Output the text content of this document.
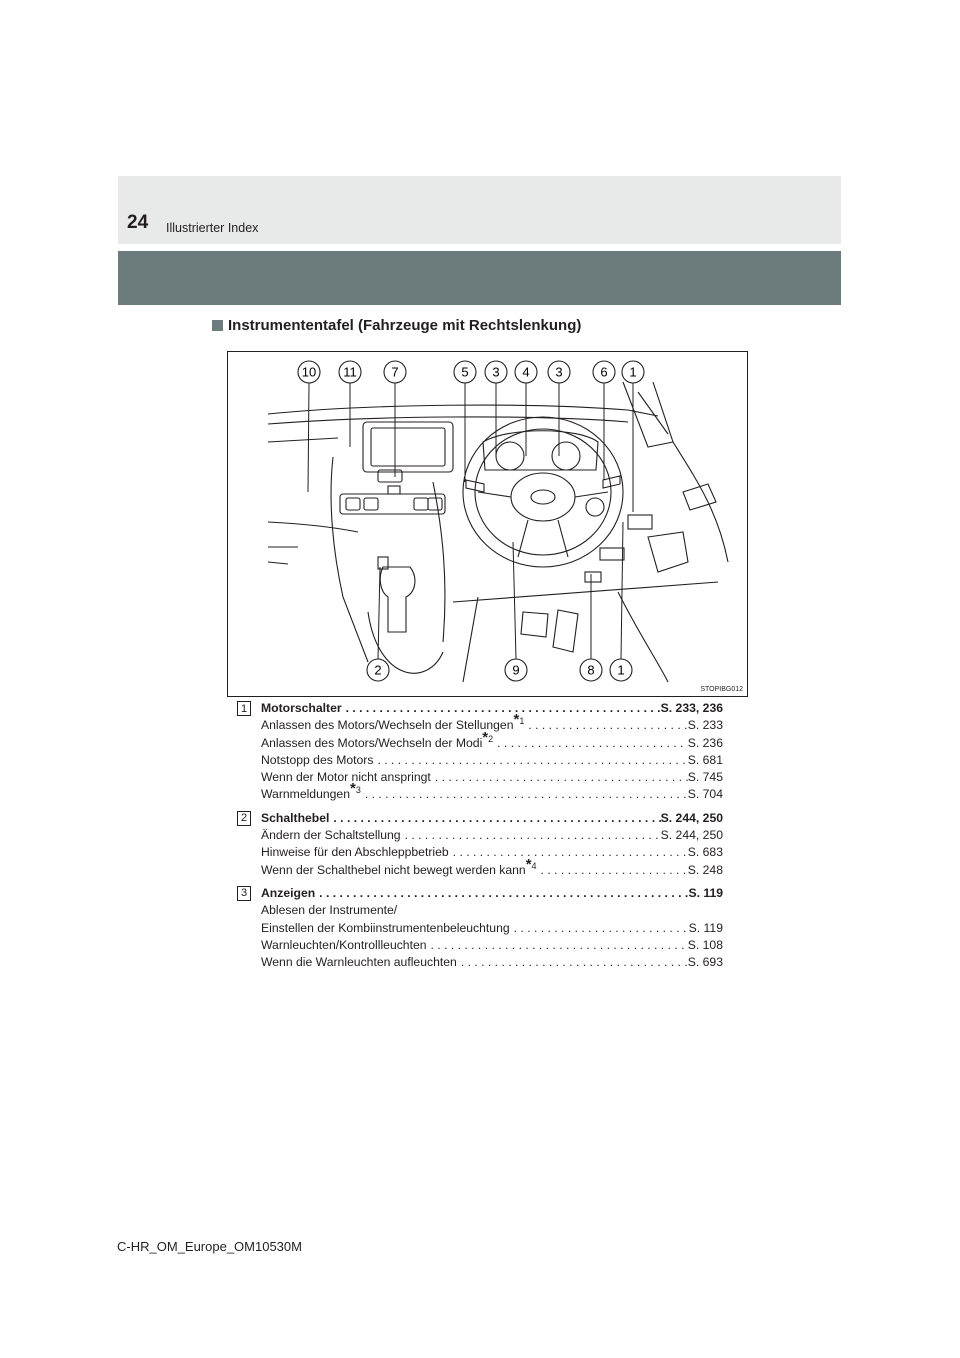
24 Illustrierter Index
Instrumententafel (Fahrzeuge mit Rechtslenkung)
10 11	7	5 3 4 3	6 1
2	9	8 1
STOPIBG012
1	Motorschalter . . .	S. 233, 236
Anlassen des Motors/Wechseln der Stellungen$^{*1}$ . . .	S. 233
Anlassen des Motors/Wechseln der Modi$^{*2}$ . . .	S. 236
Notstopp des Motors . . .	S. 681
Wenn der Motor nicht anspringt . . .	S. 745
Warnmeldungen$^{*3}$ . . .	S. 704
2	Schalthebel . . .	S. 244, 250
Ändern der Schaltstellung . . .	S. 244, 250
Hinweise für den Abschleppbetrieb . . .	S. 683
Wenn der Schalthebel nicht bewegt werden kann$^{*4}$ . . .	S. 248
3	Anzeigen . . .	S. 119
Ablesen der Instrumente/
Einstellen der Kombiinstrumentenbeleuchtung . . .	S. 119
Warnleuchten/Kontrollleuchten . . .	S. 108
Wenn die Warnleuchten aufleuchten . . .	S. 693
C-HR_OM_Europe_OM10530M
